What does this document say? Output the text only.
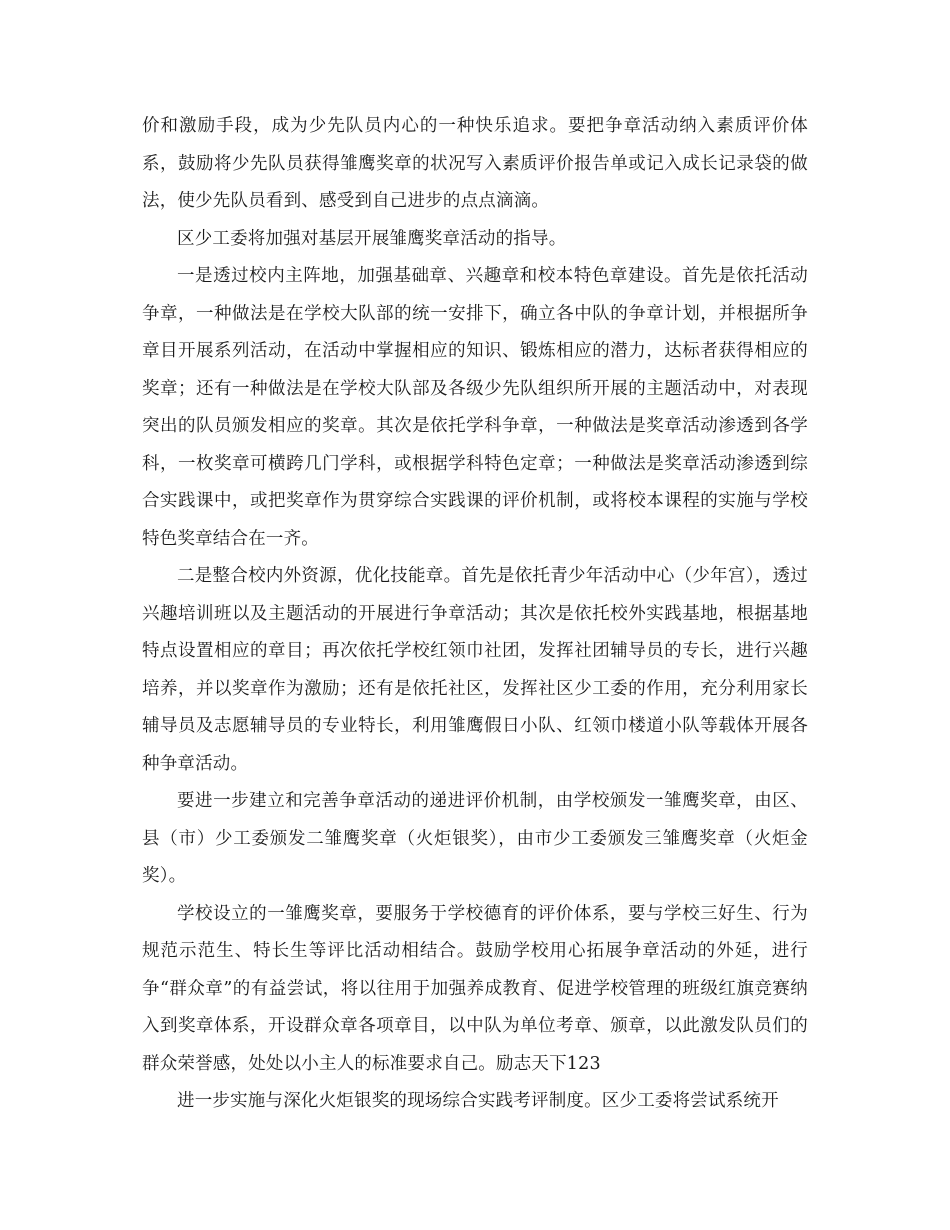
价和激励手段，成为少先队员内心的一种快乐追求。要把争章活动纳入素质评价体系，鼓励将少先队员获得雏鹰奖章的状况写入素质评价报告单或记入成长记录袋的做法，使少先队员看到、感受到自己进步的点点滴滴。

区少工委将加强对基层开展雏鹰奖章活动的指导。

一是透过校内主阵地，加强基础章、兴趣章和校本特色章建设。首先是依托活动争章，一种做法是在学校大队部的统一安排下，确立各中队的争章计划，并根据所争章目开展系列活动，在活动中掌握相应的知识、锻炼相应的潜力，达标者获得相应的奖章；还有一种做法是在学校大队部及各级少先队组织所开展的主题活动中，对表现突出的队员颁发相应的奖章。其次是依托学科争章，一种做法是奖章活动渗透到各学科，一枚奖章可横跨几门学科，或根据学科特色定章；一种做法是奖章活动渗透到综合实践课中，或把奖章作为贯穿综合实践课的评价机制，或将校本课程的实施与学校特色奖章结合在一齐。

二是整合校内外资源，优化技能章。首先是依托青少年活动中心（少年宫），透过兴趣培训班以及主题活动的开展进行争章活动；其次是依托校外实践基地，根据基地特点设置相应的章目；再次依托学校红领巾社团，发挥社团辅导员的专长，进行兴趣培养，并以奖章作为激励；还有是依托社区，发挥社区少工委的作用，充分利用家长辅导员及志愿辅导员的专业特长，利用雏鹰假日小队、红领巾楼道小队等载体开展各种争章活动。

要进一步建立和完善争章活动的递进评价机制，由学校颁发一雏鹰奖章，由区、县（市）少工委颁发二雏鹰奖章（火炬银奖），由市少工委颁发三雏鹰奖章（火炬金奖）。

学校设立的一雏鹰奖章，要服务于学校德育的评价体系，要与学校三好生、行为规范示范生、特长生等评比活动相结合。鼓励学校用心拓展争章活动的外延，进行争“群众章”的有益尝试，将以往用于加强养成教育、促进学校管理的班级红旗竞赛纳入到奖章体系，开设群众章各项章目，以中队为单位考章、颁章，以此激发队员们的群众荣誉感，处处以小主人的标准要求自己。励志天下123

进一步实施与深化火炬银奖的现场综合实践考评制度。区少工委将尝试系统开
